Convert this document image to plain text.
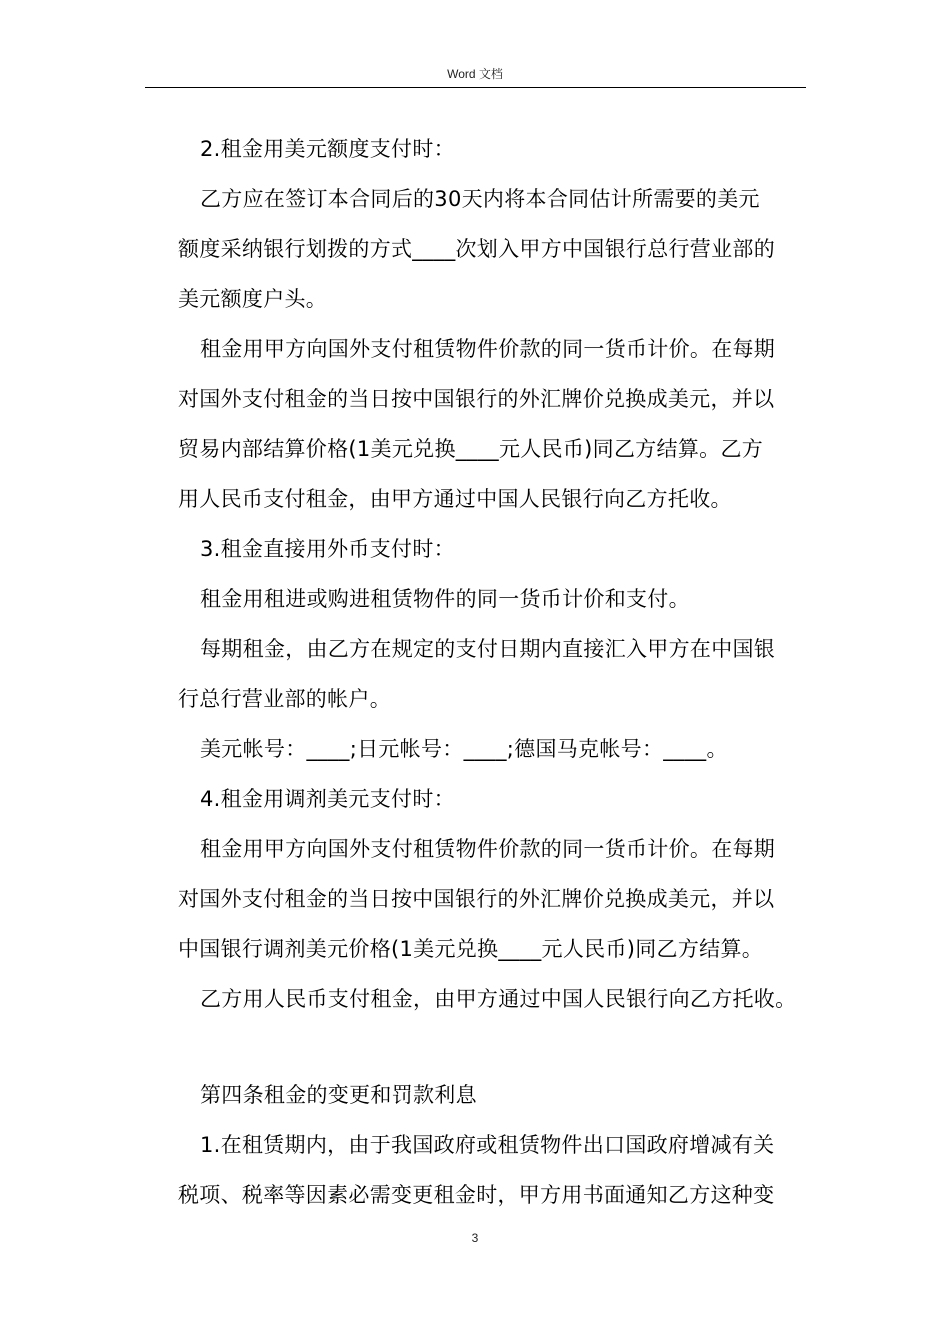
Word 文档
2.租金用美元额度支付时：
乙方应在签订本合同后的30天内将本合同估计所需要的美元
额度采纳银行划拨的方式____次划入甲方中国银行总行营业部的
美元额度户头。
租金用甲方向国外支付租赁物件价款的同一货币计价。在每期
对国外支付租金的当日按中国银行的外汇牌价兑换成美元，并以
贸易内部结算价格(1美元兑换____元人民币)同乙方结算。乙方
用人民币支付租金，由甲方通过中国人民银行向乙方托收。
3.租金直接用外币支付时：
租金用租进或购进租赁物件的同一货币计价和支付。
每期租金，由乙方在规定的支付日期内直接汇入甲方在中国银
行总行营业部的帐户。
美元帐号：____;日元帐号：____;德国马克帐号：____。
4.租金用调剂美元支付时：
租金用甲方向国外支付租赁物件价款的同一货币计价。在每期
对国外支付租金的当日按中国银行的外汇牌价兑换成美元，并以
中国银行调剂美元价格(1美元兑换____元人民币)同乙方结算。
乙方用人民币支付租金，由甲方通过中国人民银行向乙方托收。
第四条租金的变更和罚款利息
1.在租赁期内，由于我国政府或租赁物件出口国政府增减有关
税项、税率等因素必需变更租金时，甲方用书面通知乙方这种变
3
